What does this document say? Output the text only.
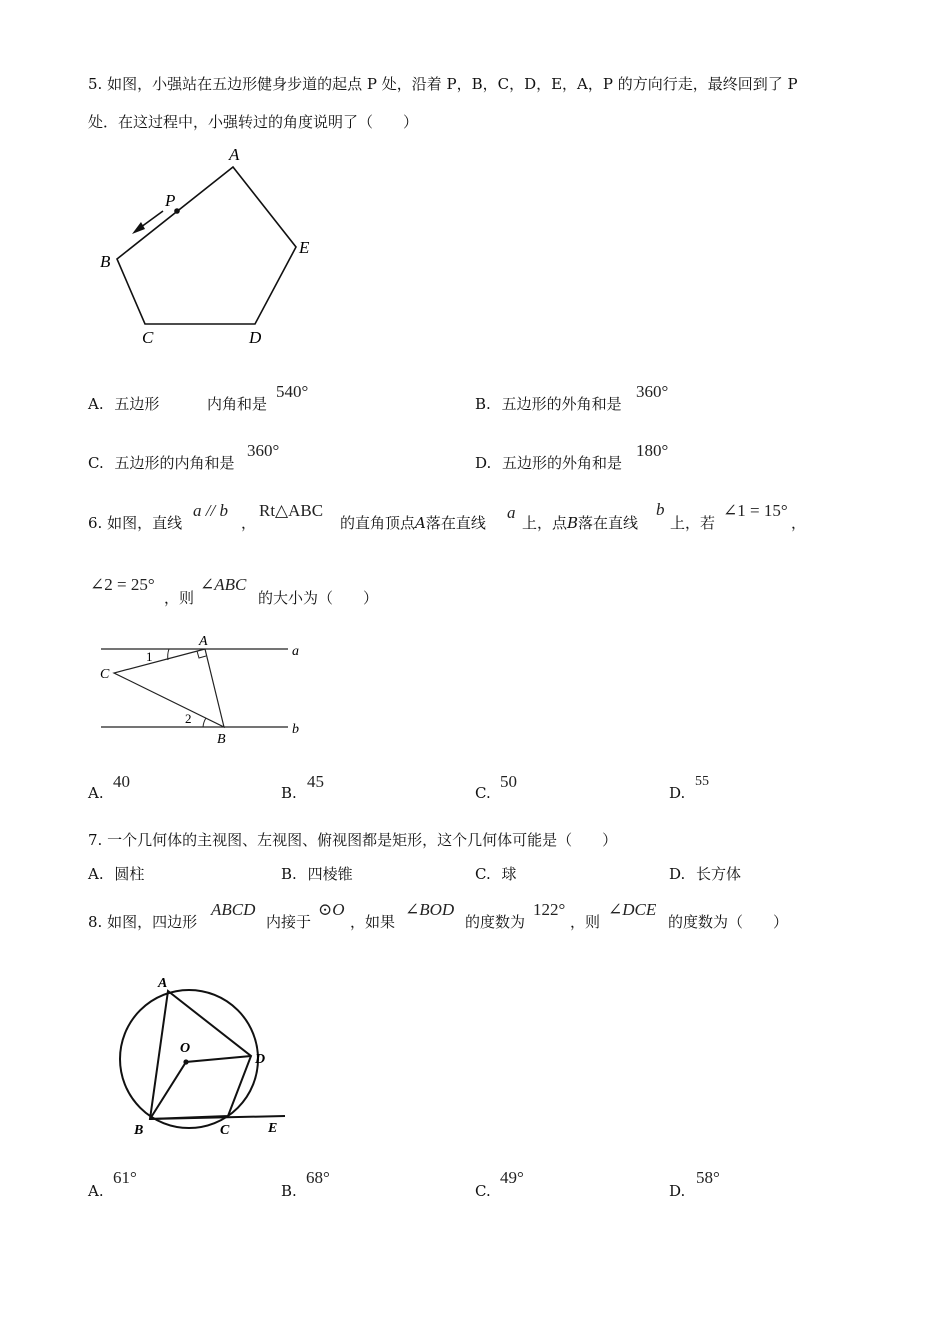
5. 如图，小强站在五边形健身步道的起点 P 处，沿着 P，B，C，D，E，A，P 的方向行走，最终回到了 P
处．在这过程中，小强转过的角度说明了（　　）
A
P
E
B
C	D
A. 五边形	内角和是
540°
B. 五边形的外角和是
360°
C. 五边形的内角和是
360°
D. 五边形的外角和是
180°
6. 如图，直线
a // b
，
Rt△ABC
的直角顶点A落在直线
a
上，点B落在直线
b
上，若
∠1 = 15°
，
∠2 = 25°
，则
∠ABC
的大小为（　　）
A
C
B
a
b
1
2
A.
40
B.
45
C.
50
D.
55
7. 一个几何体的主视图、左视图、俯视图都是矩形，这个几何体可能是（　　）
A. 圆柱	B. 四棱锥	C. 球	D. 长方体
8. 如图，四边形
ABCD
内接于
⊙O
，如果
∠BOD
的度数为
122°
，则
∠DCE
的度数为（　　）
A
O
D
B	C	E
A.
61°
B.
68°
C.
49°
D.
58°
